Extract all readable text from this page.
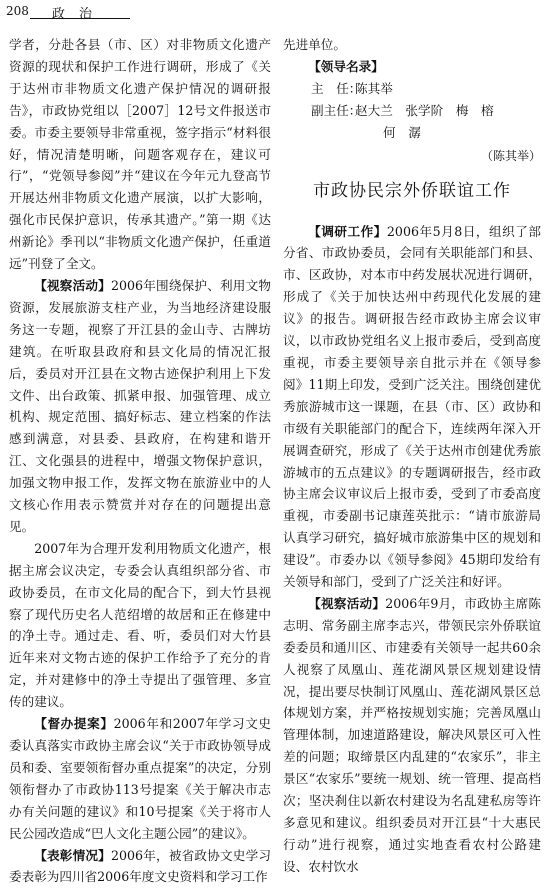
208 政治

学者，分赴各县（市、区）对非物质文化遗产资源的现状和保护工作进行调研，形成了《关于达州市非物质文化遗产保护情况的调研报告》，市政协党组以［2007］12号文件报送市委。市委主要领导非常重视，签字指示“材料很好，情况清楚明晰，问题客观存在，建议可行”，“党领导参阅”并“建议在今年元九登高节开展达州非物质文化遗产展演，以扩大影响，强化市民保护意识，传承其遗产。”第一期《达州新论》季刊以“非物质文化遗产保护，任重道远”刊登了全文。

【 视察活动 】 2006年围绕保护、利用文物资源，发展旅游支柱产业，为当地经济建设服务这一专题，视察了开江县的金山寺、古牌坊建筑。在听取县政府和县文化局的情况汇报后，委员对开江县在文物古迹保护利用上下发文件、出台政策、抓紧申报、加强管理、成立机构、规定范围、搞好标志、建立档案的作法感到满意，对县委、县政府，在构建和谐开江、文化强县的进程中，增强文物保护意识，加强文物申报工作，发挥文物在旅游业中的人文核心作用表示赞赏并对存在的问题提出意见。

2007年为合理开发利用物质文化遗产，根据主席会议决定，专委会认真组织部分省、市政协委员，在市文化局的配合下，到大竹县视察了现代历史名人范绍增的故居和正在修建中的净土寺。通过走、看、听，委员们对大竹县近年来对文物古迹的保护工作给予了充分的肯定，并对建修中的净土寺提出了强管理、多宣传的建议。

【 督办提案 】 2006年和2007年学习文史委认真落实市政协主席会议“关于市政协领导成员和委、室要领衔督办重点提案”的决定，分别领衔督办了市政协113号提案《关于解决市志办有关问题的建议》和10号提案《关于将市人民公园改造成“巴人文化主题公园”的建议》。

【 表彰情况 】 2006年，被省政协文史学习委表彰为四川省2006年度文史资料和学习工作

先进单位。

【 领导名录 】

主　任：
陈其举
副主任：
赵大兰　张学阶　梅　榕
何　潺
（陈其举）
市政协民宗外侨联谊工作

【 调研工作 】 2006年5月8日，组织了部分省、市政协委员，会同有关职能部门和县、市、区政协，对本市中药发展状况进行调研，形成了《关于加快达州中药现代化发展的建议》的报告。调研报告经市政协主席会议审议，以市政协党组名义上报市委后，受到高度重视，市委主要领导亲自批示并在《领导参阅》11期上印发，受到广泛关注。围绕创建优秀旅游城市这一课题，在县（市、区）政协和市级有关职能部门的配合下，连续两年深入开展调查研究，形成了《关于达州市创建优秀旅游城市的五点建议》的专题调研报告，经市政协主席会议审议后上报市委，受到了市委高度重视，市委副书记康莲英批示：“请市旅游局认真学习研究，搞好城市旅游集中区的规划和建设”。市委办以《领导参阅》45期印发给有关领导和部门，受到了广泛关注和好评。

【 视察活动 】 2006年9月，市政协主席陈志明、常务副主席李志兴，带领民宗外侨联谊委委员和通川区、市建委有关领导一起共60余人视察了凤凰山、莲花湖风景区规划建设情况，提出要尽快制订风凰山、莲花湖风景区总体规划方案，并严格按规划实施；完善凤凰山管理体制，加速道路建设，解决风景区可入性差的问题；取缔景区内乱建的“农家乐”，非主景区“农家乐”要统一规划、统一管理、提高档次；坚决刹住以新农村建设为名乱建私房等许多意见和建议。组织委员对开江县“十大惠民行动”进行视察，通过实地查看农村公路建设、农村饮水
